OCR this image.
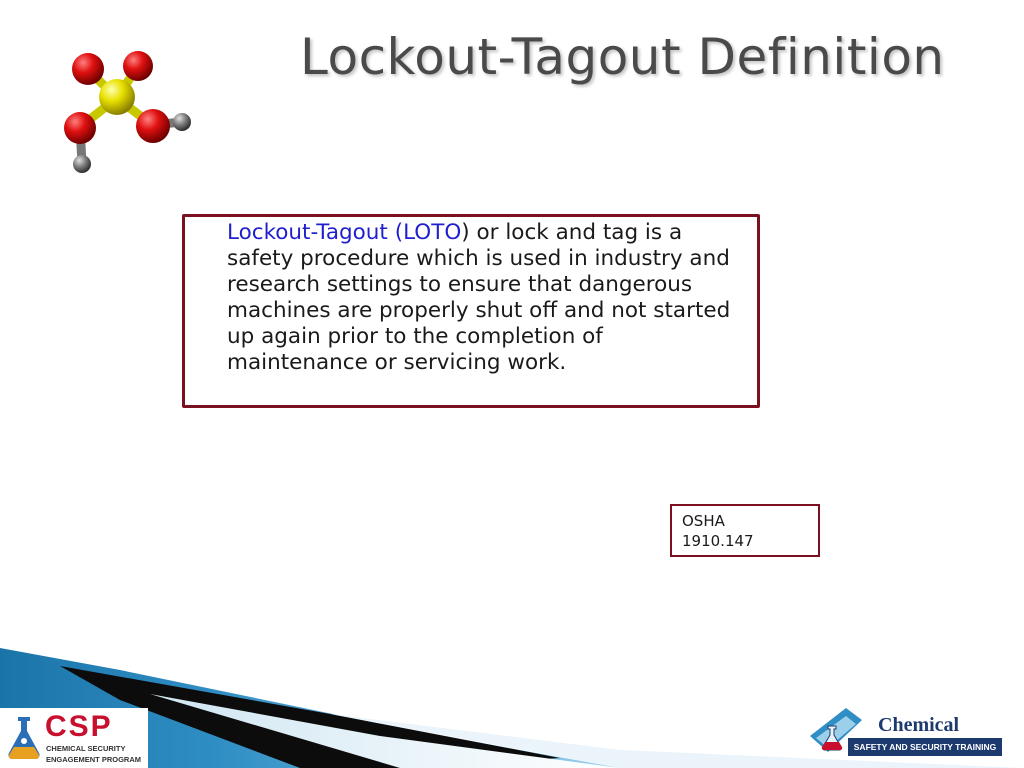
Lockout-Tagout Definition
Lockout-Tagout (LOTO) or lock and tag is a safety procedure which is used in industry and research settings to ensure that dangerous machines are properly shut off and not started up again prior to the completion of maintenance or servicing work.
OSHA
1910.147
CSP
CHEMICAL SECURITY
ENGAGEMENT PROGRAM
Chemical
SAFETY AND SECURITY TRAINING
